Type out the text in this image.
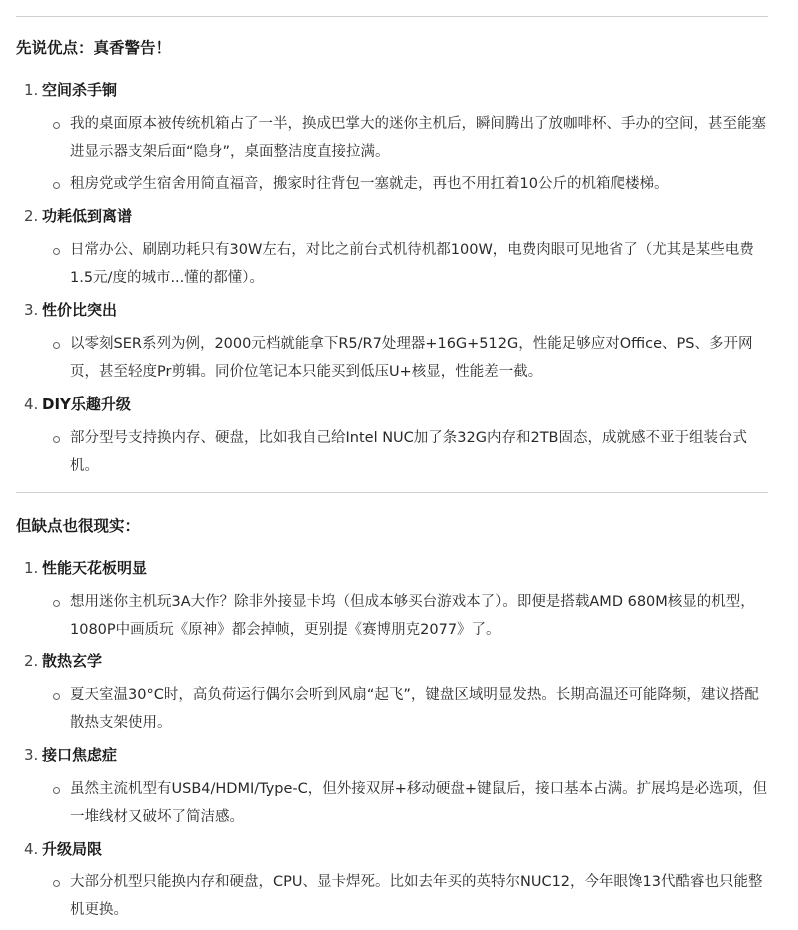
先说优点：真香警告！
1. 空间杀手锏
我的桌面原本被传统机箱占了一半，换成巴掌大的迷你主机后，瞬间腾出了放咖啡杯、手办的空间，甚至能塞进显示器支架后面“隐身”，桌面整洁度直接拉满。
租房党或学生宿舍用简直福音，搬家时往背包一塞就走，再也不用扛着10公斤的机箱爬楼梯。
2. 功耗低到离谱
日常办公、刷剧功耗只有30W左右，对比之前台式机待机都100W，电费肉眼可见地省了（尤其是某些电费1.5元/度的城市...懂的都懂）。
3. 性价比突出
以零刻SER系列为例，2000元档就能拿下R5/R7处理器+16G+512G，性能足够应对Office、PS、多开网页，甚至轻度Pr剪辑。同价位笔记本只能买到低压U+核显，性能差一截。
4. DIY乐趣升级
部分型号支持换内存、硬盘，比如我自己给Intel NUC加了条32G内存和2TB固态，成就感不亚于组装台式机。
但缺点也很现实：
1. 性能天花板明显
想用迷你主机玩3A大作？除非外接显卡坞（但成本够买台游戏本了）。即便是搭载AMD 680M核显的机型，1080P中画质玩《原神》都会掉帧，更别提《赛博朋克2077》了。
2. 散热玄学
夏天室温30°C时，高负荷运行偶尔会听到风扇“起飞”，键盘区域明显发热。长期高温还可能降频，建议搭配散热支架使用。
3. 接口焦虑症
虽然主流机型有USB4/HDMI/Type-C，但外接双屏+移动硬盘+键鼠后，接口基本占满。扩展坞是必选项，但一堆线材又破坏了简洁感。
4. 升级局限
大部分机型只能换内存和硬盘，CPU、显卡焊死。比如去年买的英特尔NUC12，今年眼馋13代酷睿也只能整机更换。
